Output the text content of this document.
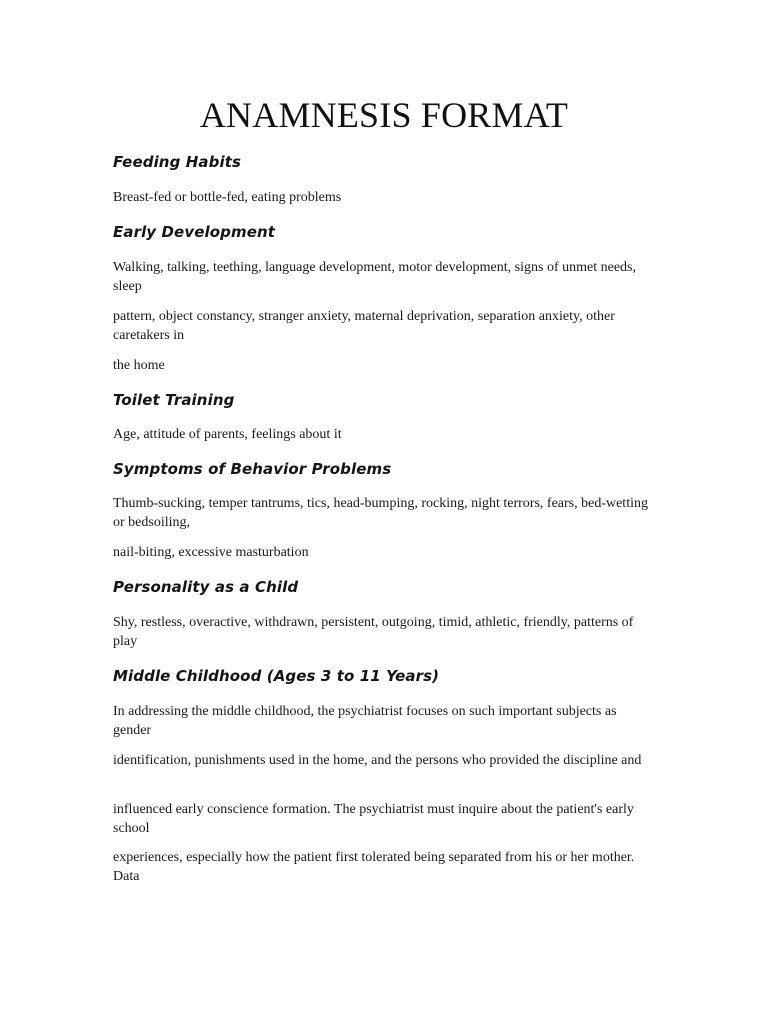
ANAMNESIS FORMAT
Feeding Habits

Breast-fed or bottle-fed, eating problems

Early Development

Walking, talking, teething, language development, motor development, signs of unmet needs, sleep

pattern, object constancy, stranger anxiety, maternal deprivation, separation anxiety, other caretakers in

the home

Toilet Training

Age, attitude of parents, feelings about it

Symptoms of Behavior Problems

Thumb-sucking, temper tantrums, tics, head-bumping, rocking, night terrors, fears, bed-wetting or bedsoiling,

nail-biting, excessive masturbation

Personality as a Child

Shy, restless, overactive, withdrawn, persistent, outgoing, timid, athletic, friendly, patterns of play

Middle Childhood (Ages 3 to 11 Years)

In addressing the middle childhood, the psychiatrist focuses on such important subjects as gender

identification, punishments used in the home, and the persons who provided the discipline and

influenced early conscience formation. The psychiatrist must inquire about the patient's early school

experiences, especially how the patient first tolerated being separated from his or her mother. Data
